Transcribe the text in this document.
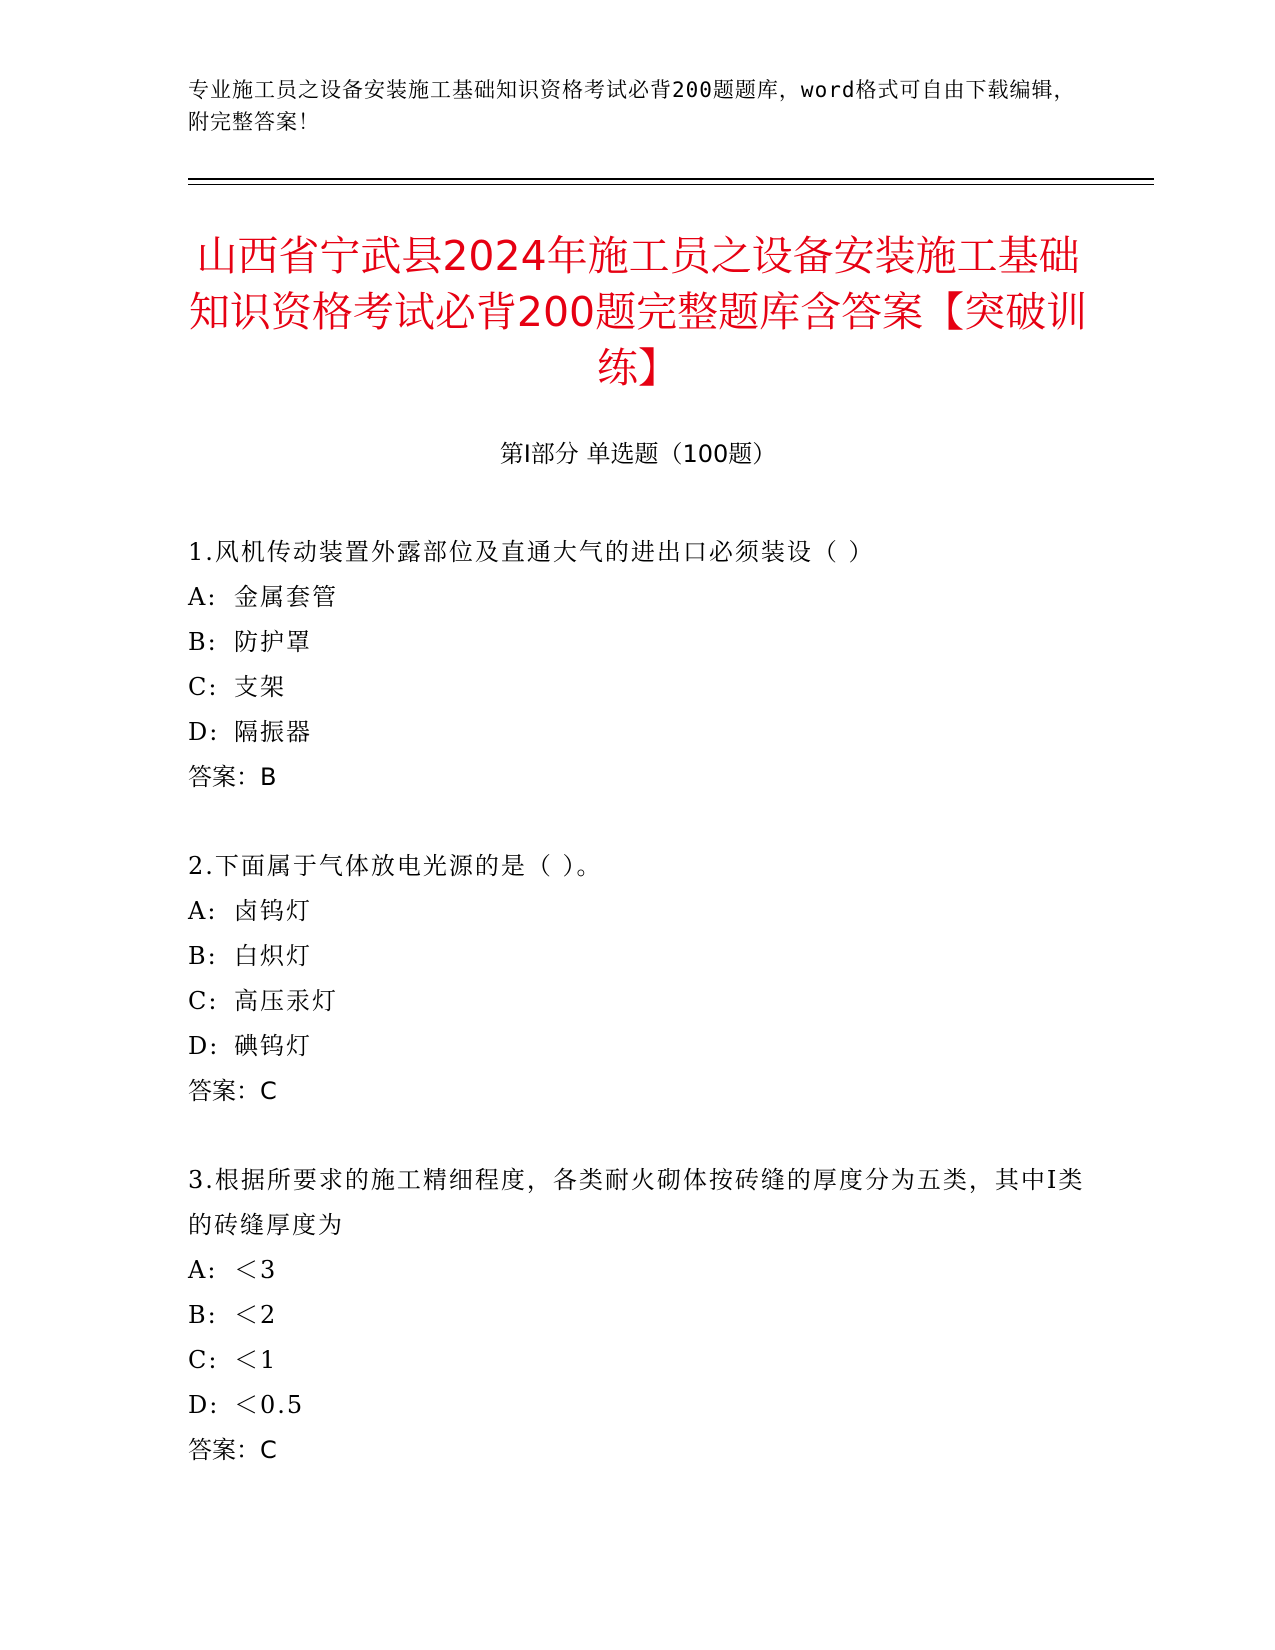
专业施工员之设备安装施工基础知识资格考试必背200题题库，word格式可自由下载编辑，附完整答案！
山西省宁武县2024年施工员之设备安装施工基础知识资格考试必背200题完整题库含答案【突破训练】
第Ⅰ部分 单选题（100题）
1.风机传动装置外露部位及直通大气的进出口必须装设（ ）
A: 金属套管
B: 防护罩
C: 支架
D: 隔振器
答案：B
2.下面属于气体放电光源的是（ ）。
A: 卤钨灯
B: 白炽灯
C: 高压汞灯
D: 碘钨灯
答案：C
3.根据所要求的施工精细程度，各类耐火砌体按砖缝的厚度分为五类，其中Ⅰ类的砖缝厚度为
A: ＜3
B: ＜2
C: ＜1
D: ＜0.5
答案：C
